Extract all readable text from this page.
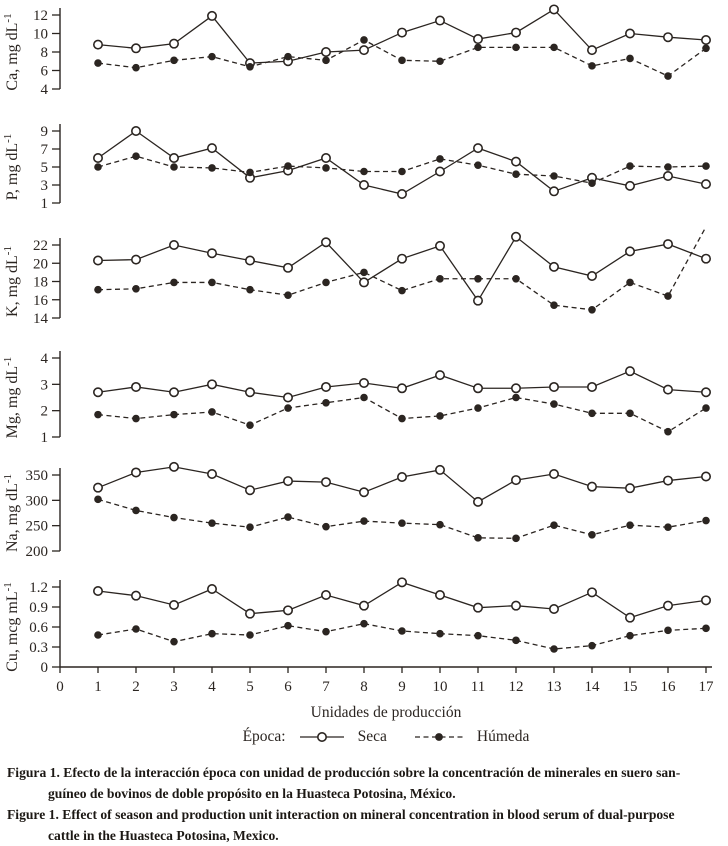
12
10
8
6
4
Ca, mg $dL^{-1}$
9
7
5
3
1
P, mg $dL^{-1}$
22
20
18
16
14
K, mg $dL^{-1}$
4
3
2
1
Mg, mg $dL^{-1}$
350
300
250
200
Na, mg $dL^{-1}$
1.2
0.9
0.6
0.3
0
Cu, mcg $mL^{-1}$
0 1 2 3 4 5 6 7 8 9 10 11 12 13 14 15 16 17
Unidades de producción
Época:	Seca	Húmeda

Figura 1. Efecto de la interacción época con unidad de producción sobre la concentración de minerales en suero san-
guíneo de bovinos de doble propósito en la Huasteca Potosina, México.

Figure 1. Effect of season and production unit interaction on mineral concentration in blood serum of dual-purpose
cattle in the Huasteca Potosina, Mexico.
